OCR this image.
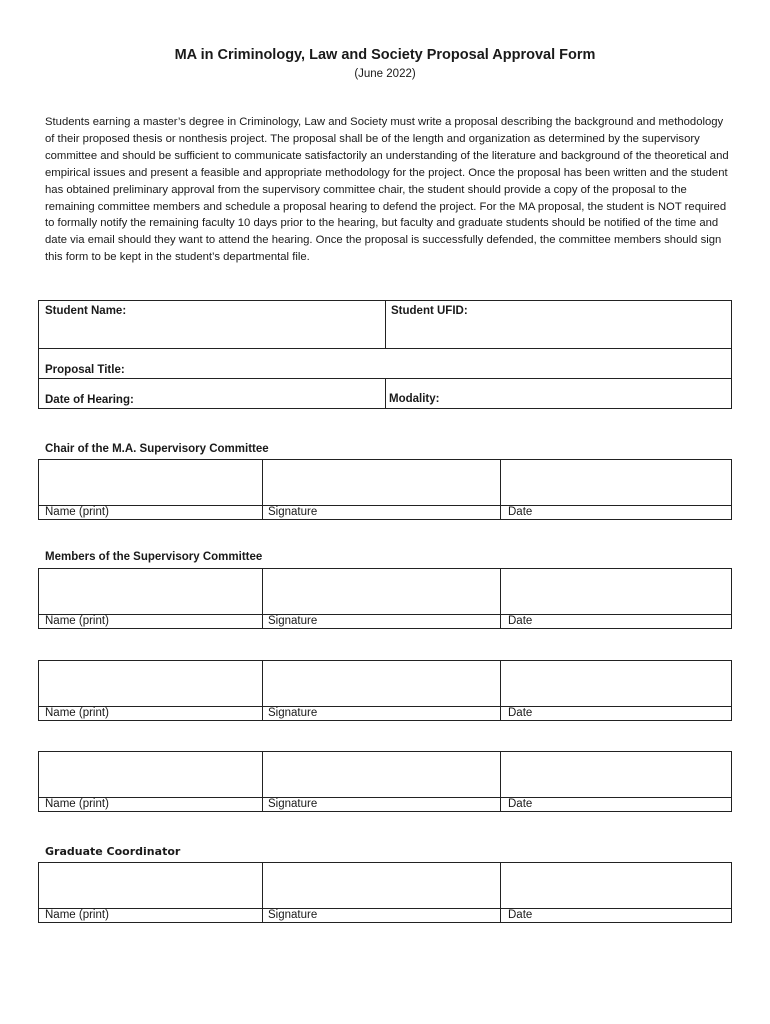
MA in Criminology, Law and Society Proposal Approval Form
(June 2022)

Students earning a master’s degree in Criminology, Law and Society must write a proposal describing the background and methodology of their proposed thesis or nonthesis project. The proposal shall be of the length and organization as determined by the supervisory committee and should be sufficient to communicate satisfactorily an understanding of the literature and background of the theoretical and empirical issues and present a feasible and appropriate methodology for the project. Once the proposal has been written and the student has obtained preliminary approval from the supervisory committee chair, the student should provide a copy of the proposal to the remaining committee members and schedule a proposal hearing to defend the project. For the MA proposal, the student is NOT required to formally notify the remaining faculty 10 days prior to the hearing, but faculty and graduate students should be notified of the time and date via email should they want to attend the hearing. Once the proposal is successfully defended, the committee members should sign this form to be kept in the student’s departmental file.

Student Name:	Student UFID:
Proposal Title:
Date of Hearing:	Modality:
Chair of the M.A. Supervisory Committee
Name (print)	Signature	Date
Members of the Supervisory Committee
Name (print)	Signature	Date
Name (print)	Signature	Date
Name (print)	Signature	Date
Graduate Coordinator
Name (print)	Signature	Date
